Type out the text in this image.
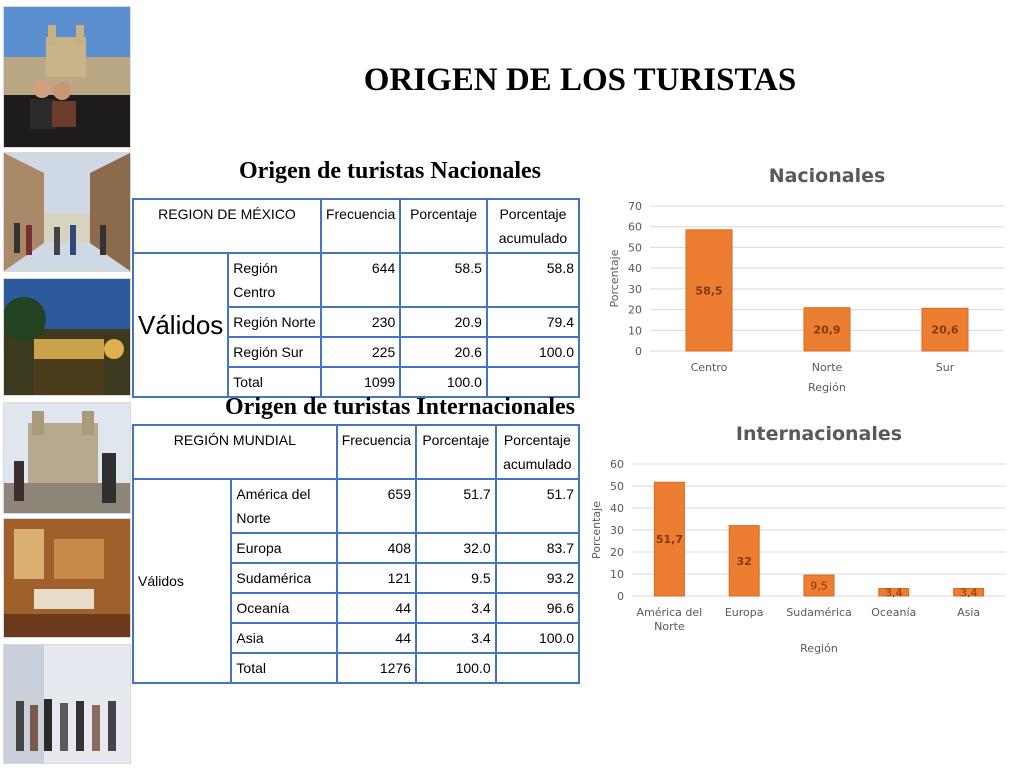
ORIGEN DE LOS TURISTAS
Origen de turistas Nacionales
REGION DE MÉXICO		Frecuencia	Porcentaje	Porcentaje acumulado
Válidos	Región Centro	644	58.5	58.8
	Región Norte	230	20.9	79.4
	Región Sur	225	20.6	100.0
	Total	1099	100.0	
Origen de turistas Internacionales
REGIÓN MUNDIAL		Frecuencia	Porcentaje	Porcentaje acumulado
Válidos	América del Norte	659	51.7	51.7
	Europa	408	32.0	83.7
	Sudamérica	121	9.5	93.2
	Oceanía	44	3.4	96.6
	Asia	44	3.4	100.0
	Total	1276	100.0	
Nacionales
0
10
20
30
40
50
60
70
Porcentaje	58,5
Centro
20,9
Norte
20,6
Sur
Región
Internacionales
0
10
20
30
40
50
60
Porcentaje	51,7
América del Norte
32
Europa
9,5
Sudamérica
3,4
Oceanía
3,4
Asia
Región
